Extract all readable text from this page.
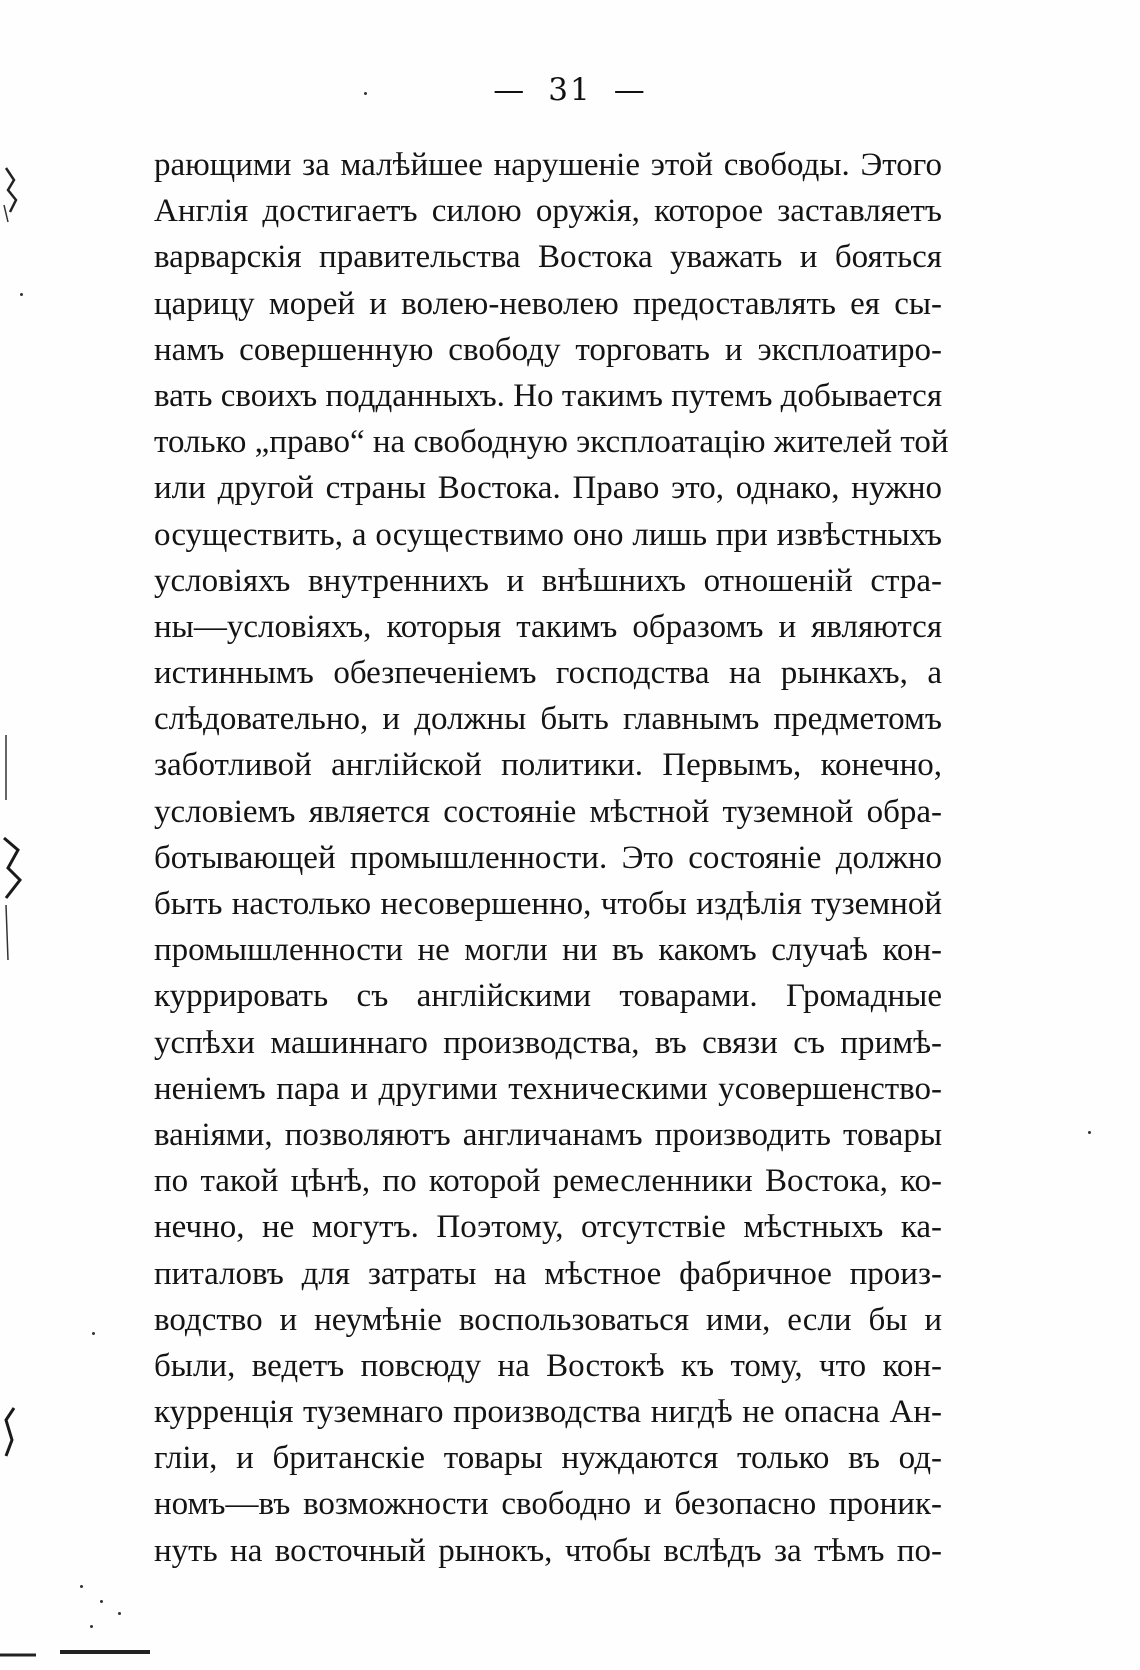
— 31 —
рающими за малѣйшее нарушеніе этой свободы. Этого
Англія достигаетъ силою оружія, которое заставляетъ
варварскія правительства Востока уважать и бояться
царицу морей и волею-неволею предоставлять ея сы-
намъ совершенную свободу торговать и эксплоатиро-
вать своихъ подданныхъ. Но такимъ путемъ добывается
только „право“ на свободную эксплоатацію жителей той
или другой страны Востока. Право это, однако, нужно
осуществить, а осуществимо оно лишь при извѣстныхъ
условіяхъ внутреннихъ и внѣшнихъ отношеній стра-
ны—условіяхъ, которыя такимъ образомъ и являются
истиннымъ обезпеченіемъ господства на рынкахъ, а
слѣдовательно, и должны быть главнымъ предметомъ
заботливой англійской политики. Первымъ, конечно,
условіемъ является состояніе мѣстной туземной обра-
ботывающей промышленности. Это состояніе должно
быть настолько несовершенно, чтобы издѣлія туземной
промышленности не могли ни въ какомъ случаѣ кон-
куррировать съ англійскими товарами. Громадные
успѣхи машиннаго производства, въ связи съ примѣ-
неніемъ пара и другими техническими усовершенство-
ваніями, позволяютъ англичанамъ производить товары
по такой цѣнѣ, по которой ремесленники Востока, ко-
нечно, не могутъ. Поэтому, отсутствіе мѣстныхъ ка-
питаловъ для затраты на мѣстное фабричное произ-
водство и неумѣніе воспользоваться ими, если бы и
были, ведетъ повсюду на Востокѣ къ тому, что кон-
курренція туземнаго производства нигдѣ не опасна Ан-
гліи, и британскіе товары нуждаются только въ од-
номъ—въ возможности свободно и безопасно проник-
нуть на восточный рынокъ, чтобы вслѣдъ за тѣмъ по-
